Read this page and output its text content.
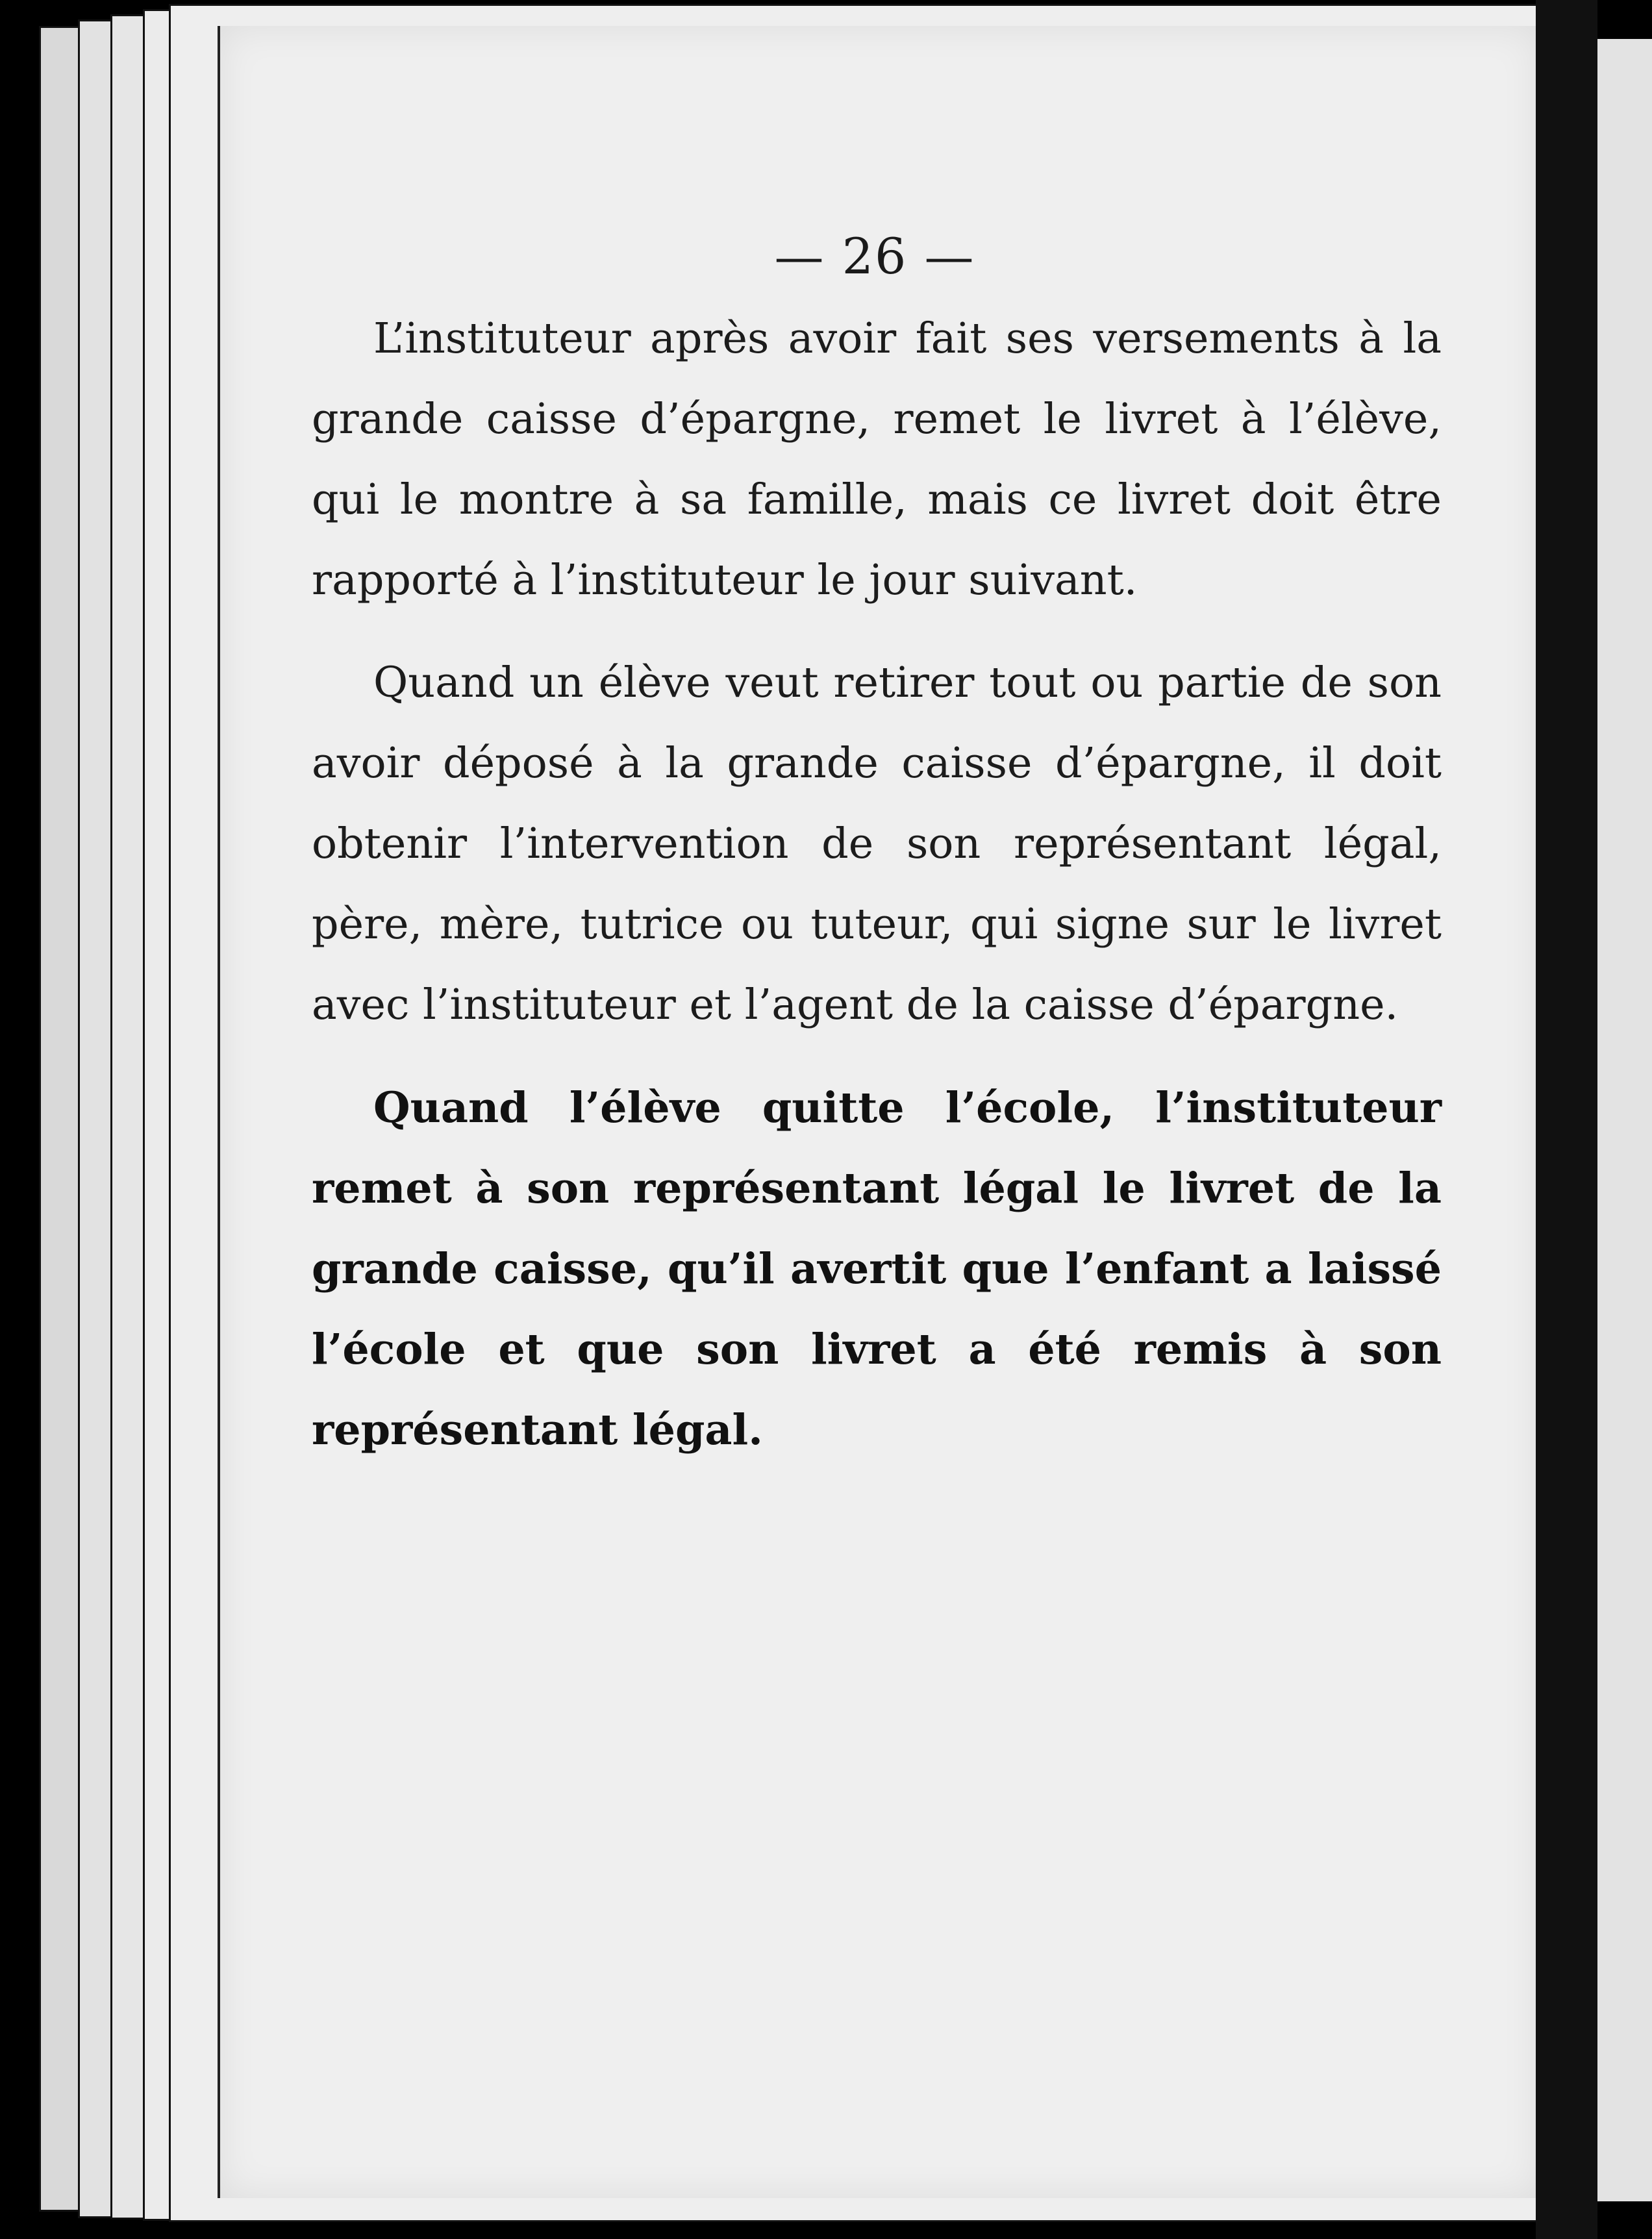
— 26 —

L’instituteur après avoir fait ses versements à la grande caisse d’épargne, remet le livret à l’élève, qui le montre à sa famille, mais ce livret doit être rapporté à l’instituteur le jour suivant.

Quand un élève veut retirer tout ou partie de son avoir déposé à la grande caisse d’épargne, il doit obtenir l’intervention de son représentant légal, père, mère, tutrice ou tuteur, qui signe sur le livret avec l’instituteur et l’agent de la caisse d’épargne.

Quand l’élève quitte l’école, l’instituteur remet à son représentant légal le livret de la grande caisse, qu’il avertit que l’enfant a laissé l’école et que son livret a été remis à son représentant légal.
